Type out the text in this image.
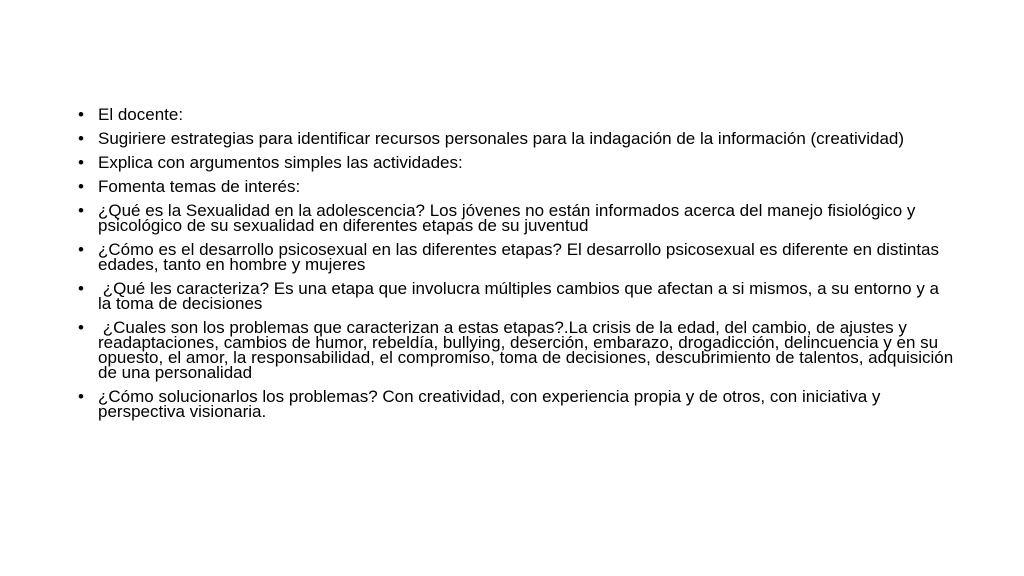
• El docente:
• Sugiriere estrategias para identificar recursos personales para la indagación de la información (creatividad)
• Explica con argumentos simples las actividades:
• Fomenta temas de interés:
• ¿Qué es la Sexualidad en la adolescencia? Los jóvenes no están informados acerca del manejo fisiológico y psicológico de su sexualidad en diferentes etapas de su juventud
• ¿Cómo es el desarrollo psicosexual en las diferentes etapas? El desarrollo psicosexual es diferente en distintas edades, tanto en hombre y mujeres
• ¿Qué les caracteriza? Es una etapa que involucra múltiples cambios que afectan a si mismos, a su entorno y a la toma de decisiones
• ¿Cuales son los problemas que caracterizan a estas etapas?.La crisis de la edad, del cambio, de ajustes y readaptaciones, cambios de humor, rebeldía, bullying, deserción, embarazo, drogadicción, delincuencia y en su opuesto, el amor, la responsabilidad, el compromiso, toma de decisiones, descubrimiento de talentos, adquisición de una personalidad
• ¿Cómo solucionarlos los problemas? Con creatividad, con experiencia propia y de otros, con iniciativa y perspectiva visionaria.
